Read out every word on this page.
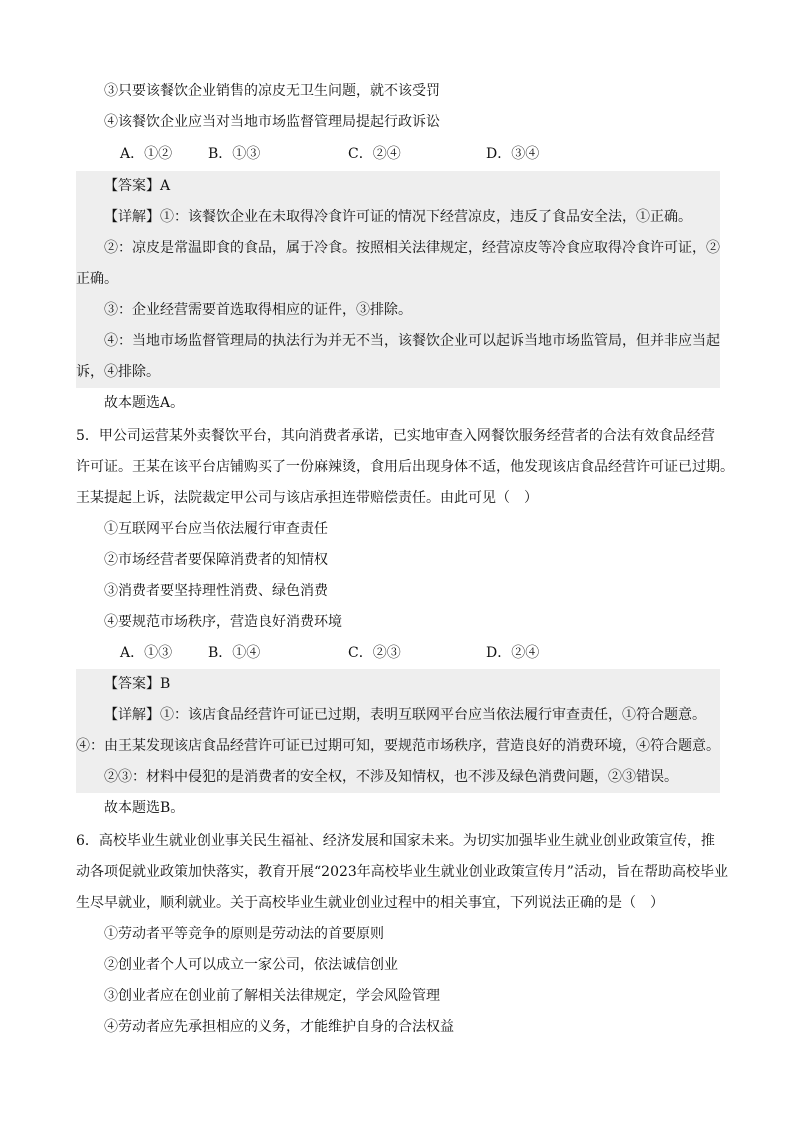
③只要该餐饮企业销售的凉皮无卫生问题，就不该受罚
④该餐饮企业应当对当地市场监督管理局提起行政诉讼
A．①②	B．①③	C．②④	D．③④
【答案】A
【详解】①：该餐饮企业在未取得冷食许可证的情况下经营凉皮，违反了食品安全法，①正确。
②：凉皮是常温即食的食品，属于冷食。按照相关法律规定，经营凉皮等冷食应取得冷食许可证，②
正确。
③：企业经营需要首选取得相应的证件，③排除。
④：当地市场监督管理局的执法行为并无不当，该餐饮企业可以起诉当地市场监管局，但并非应当起
诉，④排除。
故本题选A。
5．甲公司运营某外卖餐饮平台，其向消费者承诺，已实地审查入网餐饮服务经营者的合法有效食品经营
许可证。王某在该平台店铺购买了一份麻辣烫，食用后出现身体不适，他发现该店食品经营许可证已过期。
王某提起上诉，法院裁定甲公司与该店承担连带赔偿责任。由此可见（　）
①互联网平台应当依法履行审查责任
②市场经营者要保障消费者的知情权
③消费者要坚持理性消费、绿色消费
④要规范市场秩序，营造良好消费环境
A．①③	B．①④	C．②③	D．②④
【答案】B
【详解】①：该店食品经营许可证已过期，表明互联网平台应当依法履行审查责任，①符合题意。
④：由王某发现该店食品经营许可证已过期可知，要规范市场秩序，营造良好的消费环境，④符合题意。
②③：材料中侵犯的是消费者的安全权，不涉及知情权，也不涉及绿色消费问题，②③错误。
故本题选B。
6．高校毕业生就业创业事关民生福祉、经济发展和国家未来。为切实加强毕业生就业创业政策宣传，推
动各项促就业政策加快落实，教育开展“2023年高校毕业生就业创业政策宣传月”活动，旨在帮助高校毕业
生尽早就业，顺利就业。关于高校毕业生就业创业过程中的相关事宜，下列说法正确的是（　）
①劳动者平等竞争的原则是劳动法的首要原则
②创业者个人可以成立一家公司，依法诚信创业
③创业者应在创业前了解相关法律规定，学会风险管理
④劳动者应先承担相应的义务，才能维护自身的合法权益
